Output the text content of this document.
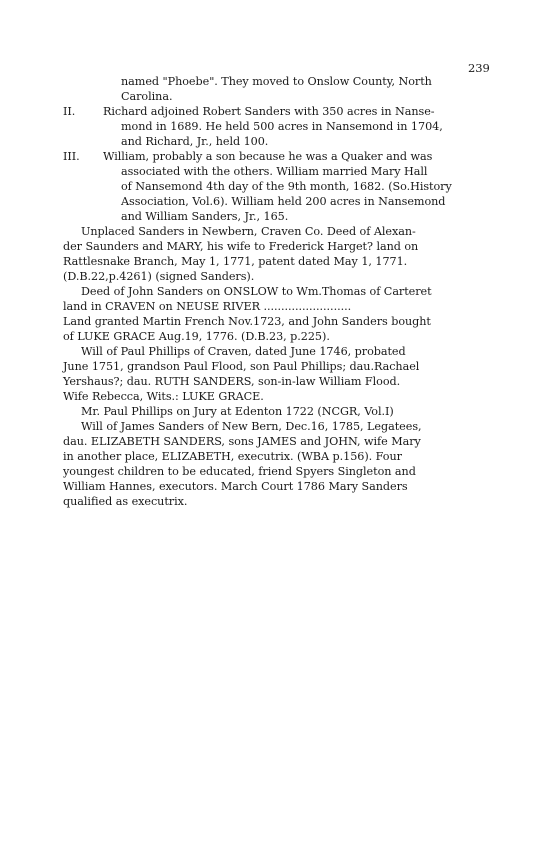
239
named "Phoebe". They moved to Onslow County, North
Carolina.
II. Richard adjoined Robert Sanders with 350 acres in Nanse-
mond in 1689. He held 500 acres in Nansemond in 1704,
and Richard, Jr., held 100.
III. William, probably a son because he was a Quaker and was
associated with the others. William married Mary Hall
of Nansemond 4th day of the 9th month, 1682. (So.History
Association, Vol.6). William held 200 acres in Nansemond
and William Sanders, Jr., 165.
Unplaced Sanders in Newbern, Craven Co. Deed of Alexan-
der Saunders and MARY, his wife to Frederick Harget? land on
Rattlesnake Branch, May 1, 1771, patent dated May 1, 1771.
(D.B.22,p.4261) (signed Sanders).
Deed of John Sanders on ONSLOW to Wm.Thomas of Carteret
land in CRAVEN on NEUSE RIVER .........................
Land granted Martin French Nov.1723, and John Sanders bought
of LUKE GRACE Aug.19, 1776. (D.B.23, p.225).
Will of Paul Phillips of Craven, dated June 1746, probated
June 1751, grandson Paul Flood, son Paul Phillips; dau.Rachael
Yershaus?; dau. RUTH SANDERS, son-in-law William Flood.
Wife Rebecca, Wits.: LUKE GRACE.
Mr. Paul Phillips on Jury at Edenton 1722 (NCGR, Vol.I)
Will of James Sanders of New Bern, Dec.16, 1785, Legatees,
dau. ELIZABETH SANDERS, sons JAMES and JOHN, wife Mary
in another place, ELIZABETH, executrix. (WBA p.156). Four
youngest children to be educated, friend Spyers Singleton and
William Hannes, executors. March Court 1786 Mary Sanders
qualified as executrix.
